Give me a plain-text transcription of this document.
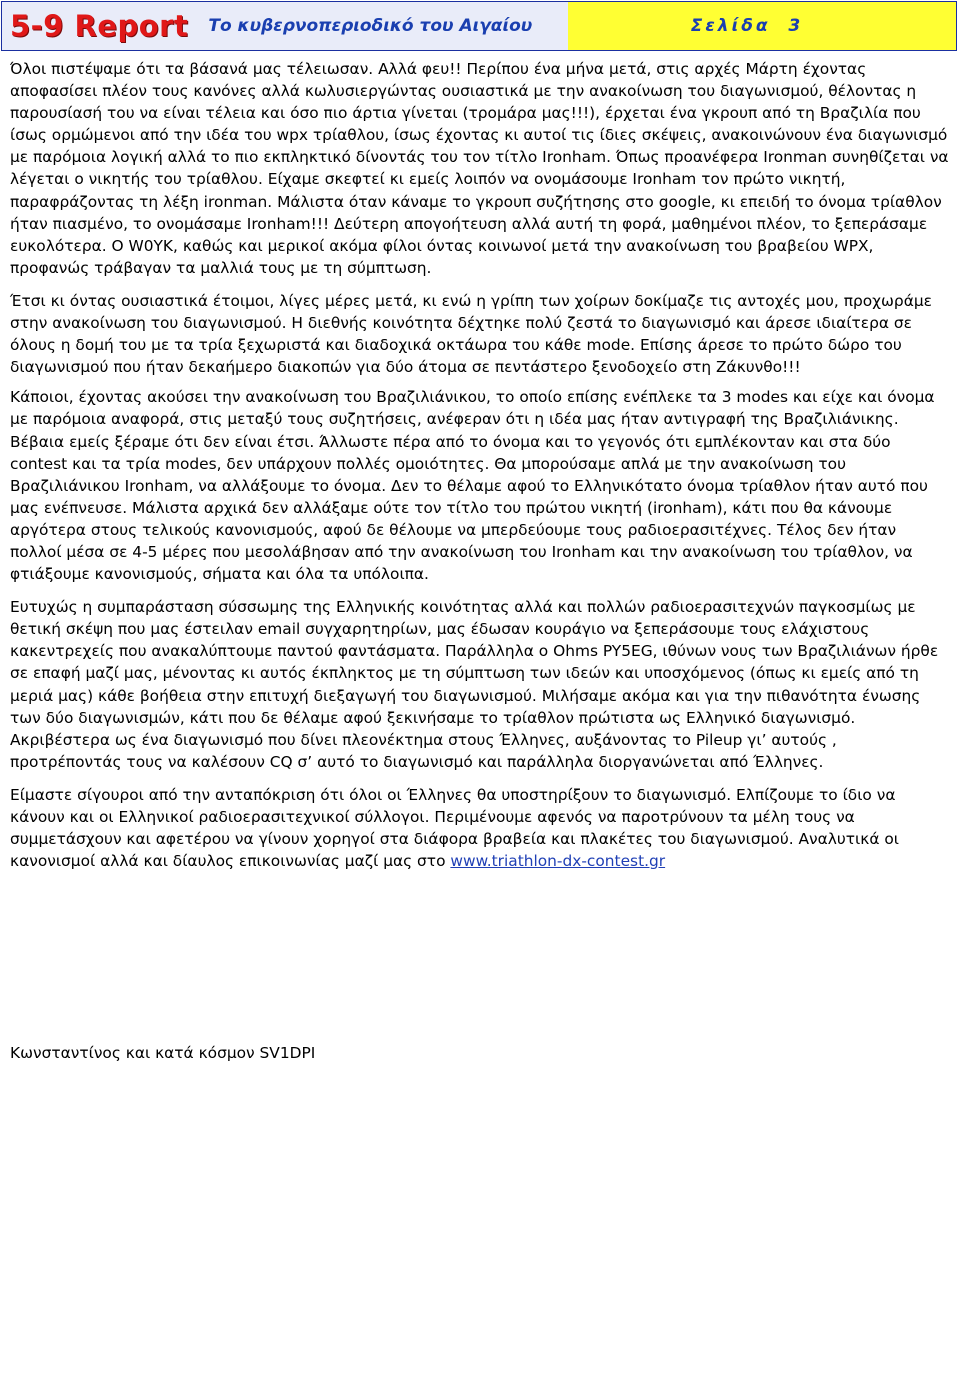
5-9 Report Το κυβερνοπεριοδικό του Αιγαίου	Σελίδα
3

Όλοι πιστέψαμε ότι τα βάσανά μας τέλειωσαν. Αλλά φευ!! Περίπου ένα μήνα μετά, στις αρχές Μάρτη έχοντας αποφασίσει πλέον τους κανόνες αλλά κωλυσιεργώντας ουσιαστικά με την ανακοίνωση του διαγωνισμού, θέλοντας η παρουσίασή του να είναι τέλεια και όσο πιο άρτια γίνεται (τρομάρα μας!!!), έρχεται ένα γκρουπ από τη Βραζιλία που ίσως ορμώμενοι από την ιδέα του wpx τρίαθλου, ίσως έχοντας κι αυτοί τις ίδιες σκέψεις, ανακοινώνουν ένα διαγωνισμό με παρόμοια λογική αλλά το πιο εκπληκτικό δίνοντάς του τον τίτλο Ironham. Όπως προανέφερα Ironman συνηθίζεται να λέγεται ο νικητής του τρίαθλου. Είχαμε σκεφτεί κι εμείς λοιπόν να ονομάσουμε Ironham τον πρώτο νικητή, παραφράζοντας τη λέξη ironman. Μάλιστα όταν κάναμε το γκρουπ συζήτησης στο google, κι επειδή το όνομα τρίαθλον ήταν πιασμένο, το ονομάσαμε Ironham!!! Δεύτερη απογοήτευση αλλά αυτή τη φορά, μαθημένοι πλέον, το ξεπεράσαμε ευκολότερα. Ο W0YK, καθώς και μερικοί ακόμα φίλοι όντας κοινωνοί μετά την ανακοίνωση του βραβείου WPX, προφανώς τράβαγαν τα μαλλιά τους με τη σύμπτωση.

Έτσι κι όντας ουσιαστικά έτοιμοι, λίγες μέρες μετά, κι ενώ η γρίπη των χοίρων δοκίμαζε τις αντοχές μου, προχωράμε στην ανακοίνωση του διαγωνισμού. Η διεθνής κοινότητα δέχτηκε πολύ ζεστά το διαγωνισμό και άρεσε ιδιαίτερα σε όλους η δομή του με τα τρία ξεχωριστά και διαδοχικά οκτάωρα του κάθε mode. Επίσης άρεσε το πρώτο δώρο του διαγωνισμού που ήταν δεκαήμερο διακοπών για δύο άτομα σε πεντάστερο ξενοδοχείο στη Ζάκυνθο!!!

Κάποιοι, έχοντας ακούσει την ανακοίνωση του Βραζιλιάνικου, το οποίο επίσης ενέπλεκε τα 3 modes και είχε και όνομα με παρόμοια αναφορά, στις μεταξύ τους συζητήσεις, ανέφεραν ότι η ιδέα μας ήταν αντιγραφή της Βραζιλιάνικης. Βέβαια εμείς ξέραμε ότι δεν είναι έτσι. Άλλωστε πέρα από το όνομα και το γεγονός ότι εμπλέκονταν και στα δύο contest και τα τρία modes, δεν υπάρχουν πολλές ομοιότητες. Θα μπορούσαμε απλά με την ανακοίνωση του Βραζιλιάνικου Ironham, να αλλάξουμε το όνομα. Δεν το θέλαμε αφού το Ελληνικότατο όνομα τρίαθλον ήταν αυτό που μας ενέπνευσε. Μάλιστα αρχικά δεν αλλάξαμε ούτε τον τίτλο του πρώτου νικητή (ironham), κάτι που θα κάνουμε αργότερα στους τελικούς κανονισμούς, αφού δε θέλουμε να μπερδεύουμε τους ραδιοερασιτέχνες. Τέλος δεν ήταν πολλοί μέσα σε 4-5 μέρες που μεσολάβησαν από την ανακοίνωση του Ironham και την ανακοίνωση του τρίαθλον, να φτιάξουμε κανονισμούς, σήματα και όλα τα υπόλοιπα.

Ευτυχώς η συμπαράσταση σύσσωμης της Ελληνικής κοινότητας αλλά και πολλών ραδιοερασιτεχνών παγκοσμίως με θετική σκέψη που μας έστειλαν email συγχαρητηρίων, μας έδωσαν κουράγιο να ξεπεράσουμε τους ελάχιστους κακεντρεχείς που ανακαλύπτουμε παντού φαντάσματα. Παράλληλα ο Ohms PY5EG, ιθύνων νους των Βραζιλιάνων ήρθε σε επαφή μαζί μας, μένοντας κι αυτός έκπληκτος με τη σύμπτωση των ιδεών και υποσχόμενος (όπως κι εμείς από τη μεριά μας) κάθε βοήθεια στην επιτυχή διεξαγωγή του διαγωνισμού. Μιλήσαμε ακόμα και για την πιθανότητα ένωσης των δύο διαγωνισμών, κάτι που δε θέλαμε αφού ξεκινήσαμε το τρίαθλον πρώτιστα ως Ελληνικό διαγωνισμό. Ακριβέστερα ως ένα διαγωνισμό που δίνει πλεονέκτημα στους Έλληνες, αυξάνοντας το Pileup γι’ αυτούς , προτρέποντάς τους να καλέσουν CQ σ’ αυτό το διαγωνισμό και παράλληλα διοργανώνεται από Έλληνες.

Είμαστε σίγουροι από την ανταπόκριση ότι όλοι οι Έλληνες θα υποστηρίξουν το διαγωνισμό. Ελπίζουμε το ίδιο να κάνουν και οι Ελληνικοί ραδιοερασιτεχνικοί σύλλογοι. Περιμένουμε αφενός να παροτρύνουν τα μέλη τους να συμμετάσχουν και αφετέρου να γίνουν χορηγοί στα διάφορα βραβεία και πλακέτες του διαγωνισμού. Αναλυτικά οι κανονισμοί αλλά και δίαυλος επικοινωνίας μαζί μας στο www.triathlon-dx-contest.gr

Κωνσταντίνος και κατά κόσμον SV1DPI
